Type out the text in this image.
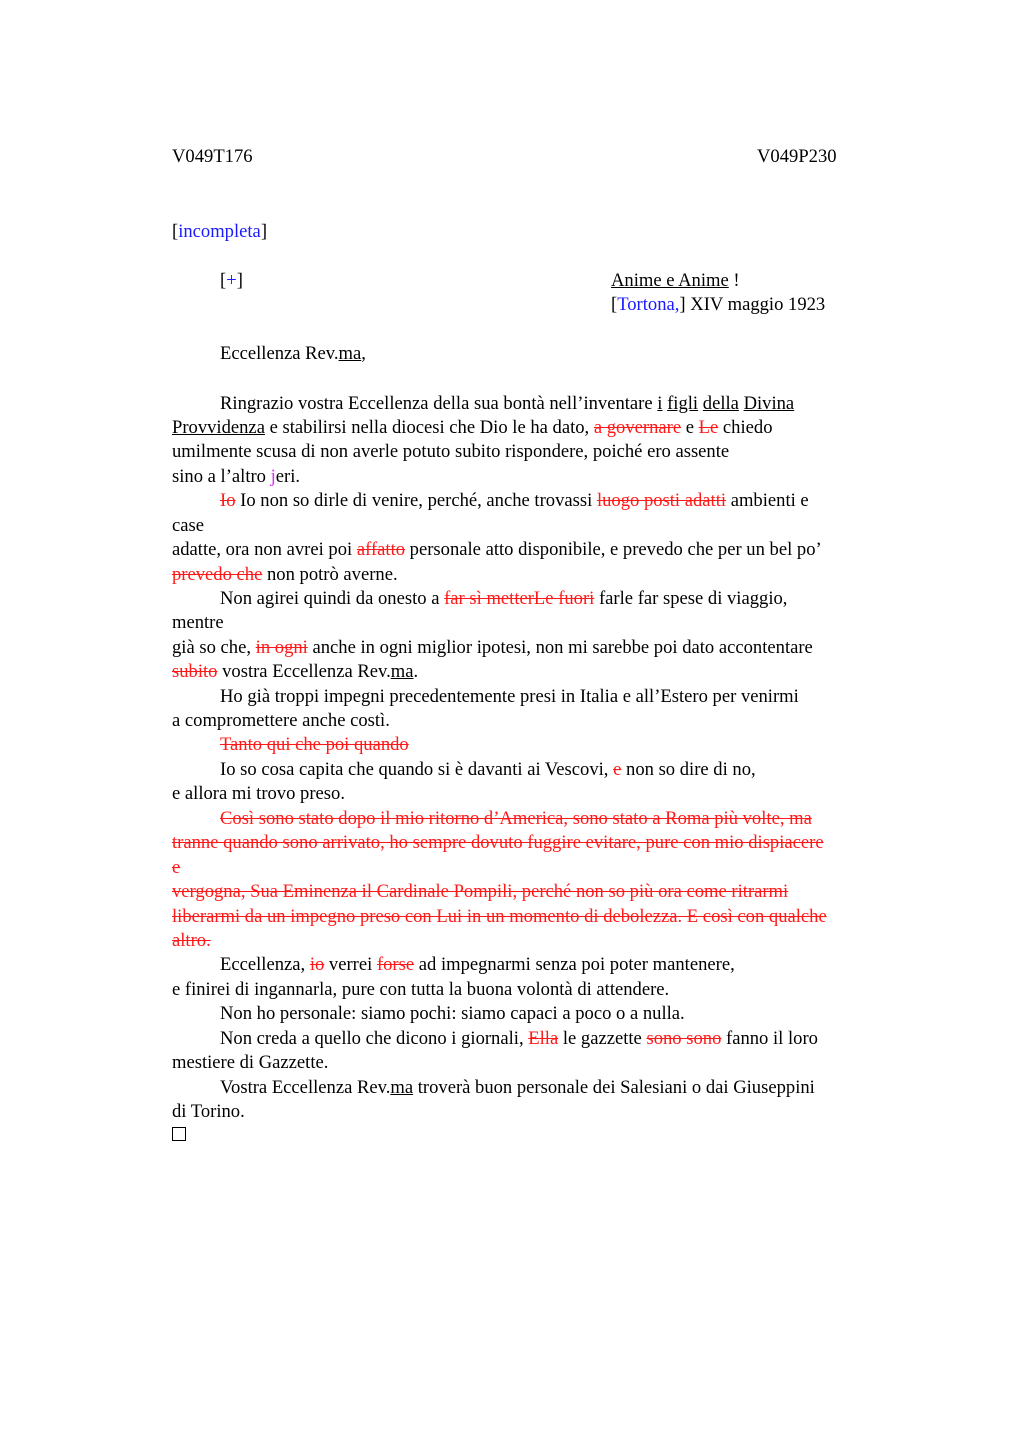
V049T176	V049P230
[incompleta]
[+]	Anime e Anime !
[Tortona,] XIV maggio 1923
Eccellenza Rev.ma,
Ringrazio vostra Eccellenza della sua bontà nell’inventare i figli della Divina
Provvidenza e stabilirsi nella diocesi che Dio le ha dato, a governare e Le chiedo
umilmente scusa di non averle potuto subito rispondere, poiché ero assente
sino a l’altro jeri.
Io Io non so dirle di venire, perché, anche trovassi luogo posti adatti ambienti e
case
adatte, ora non avrei poi affatto personale atto disponibile, e prevedo che per un bel po’
prevedo che non potrò averne.
Non agirei quindi da onesto a far sì metterLe fuori farle far spese di viaggio,
mentre
già so che, in ogni anche in ogni miglior ipotesi, non mi sarebbe poi dato accontentare
subito vostra Eccellenza Rev.ma.
Ho già troppi impegni precedentemente presi in Italia e all’Estero per venirmi
a compromettere anche costì.
Tanto qui che poi quando
Io so cosa capita che quando si è davanti ai Vescovi, e non so dire di no,
e allora mi trovo preso.
Così sono stato dopo il mio ritorno d’America, sono stato a Roma più volte, ma
tranne quando sono arrivato, ho sempre dovuto fuggire evitare, pure con mio dispiacere
e
vergogna, Sua Eminenza il Cardinale Pompili, perché non so più ora come ritrarmi
liberarmi da un impegno preso con Lui in un momento di debolezza. E così con qualche
altro.
Eccellenza, io verrei forse ad impegnarmi senza poi poter mantenere,
e finirei di ingannarla, pure con tutta la buona volontà di attendere.
Non ho personale: siamo pochi: siamo capaci a poco o a nulla.
Non creda a quello che dicono i giornali, Ella le gazzette sono sono fanno il loro
mestiere di Gazzette.
Vostra Eccellenza Rev.ma troverà buon personale dei Salesiani o dai Giuseppini
di Torino.
